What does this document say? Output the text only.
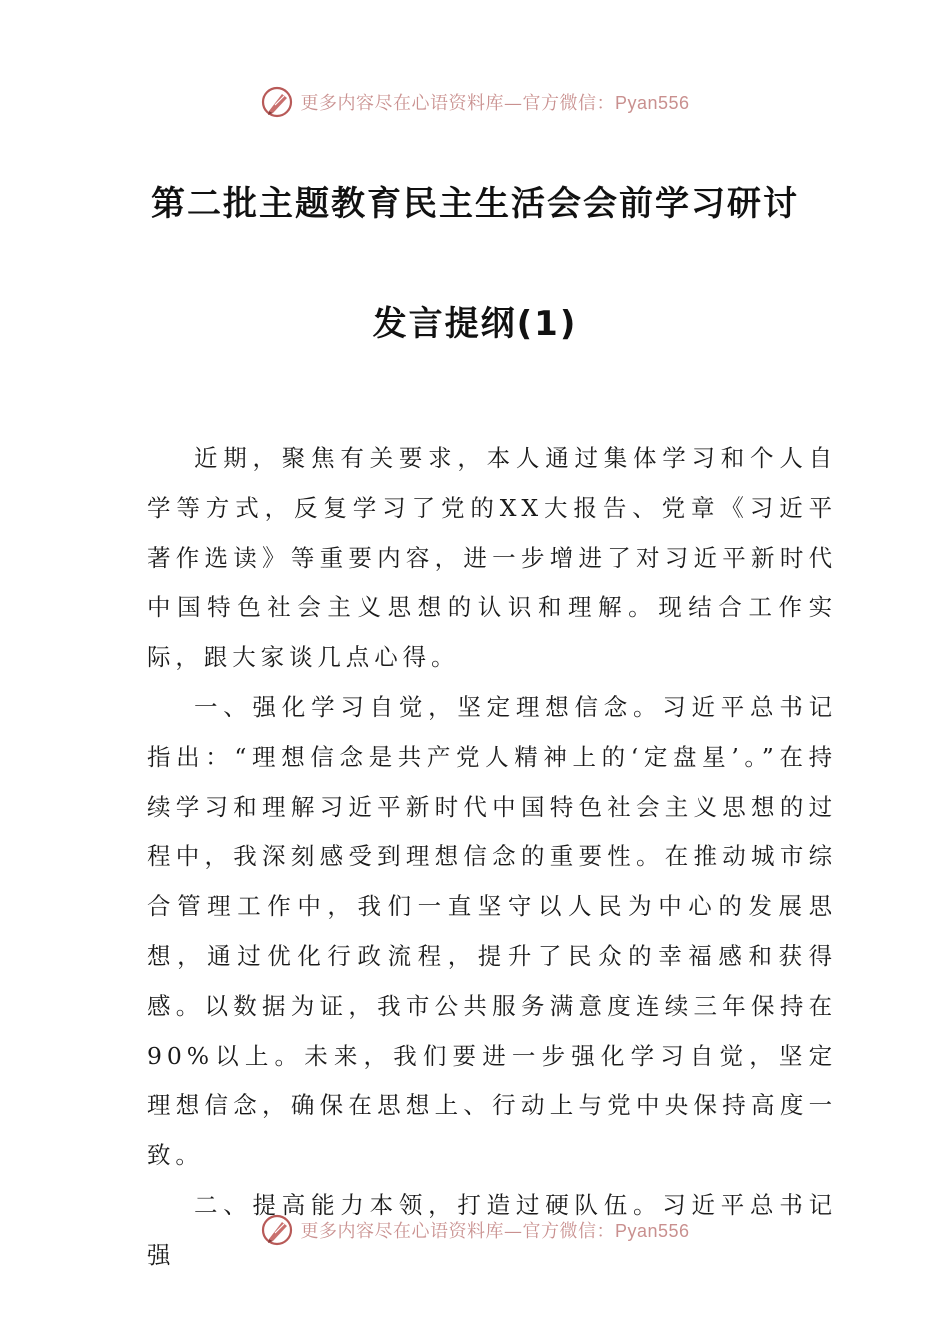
更多内容尽在心语资料库—官方微信：Pyan556
第二批主题教育民主生活会会前学习研讨
发言提纲(1)

近期，聚焦有关要求，本人通过集体学习和个人自学等方式，反复学习了党的XX大报告、党章《习近平著作选读》等重要内容，进一步增进了对习近平新时代中国特色社会主义思想的认识和理解。现结合工作实际，跟大家谈几点心得。

一、强化学习自觉，坚定理想信念。习近平总书记指出：“理想信念是共产党人精神上的‘定盘星’。”在持续学习和理解习近平新时代中国特色社会主义思想的过程中，我深刻感受到理想信念的重要性。在推动城市综合管理工作中，我们一直坚守以人民为中心的发展思想，通过优化行政流程，提升了民众的幸福感和获得感。以数据为证，我市公共服务满意度连续三年保持在90%以上。未来，我们要进一步强化学习自觉，坚定理想信念，确保在思想上、行动上与党中央保持高度一致。

二、提高能力本领，打造过硬队伍。习近平总书记强

更多内容尽在心语资料库—官方微信：Pyan556
